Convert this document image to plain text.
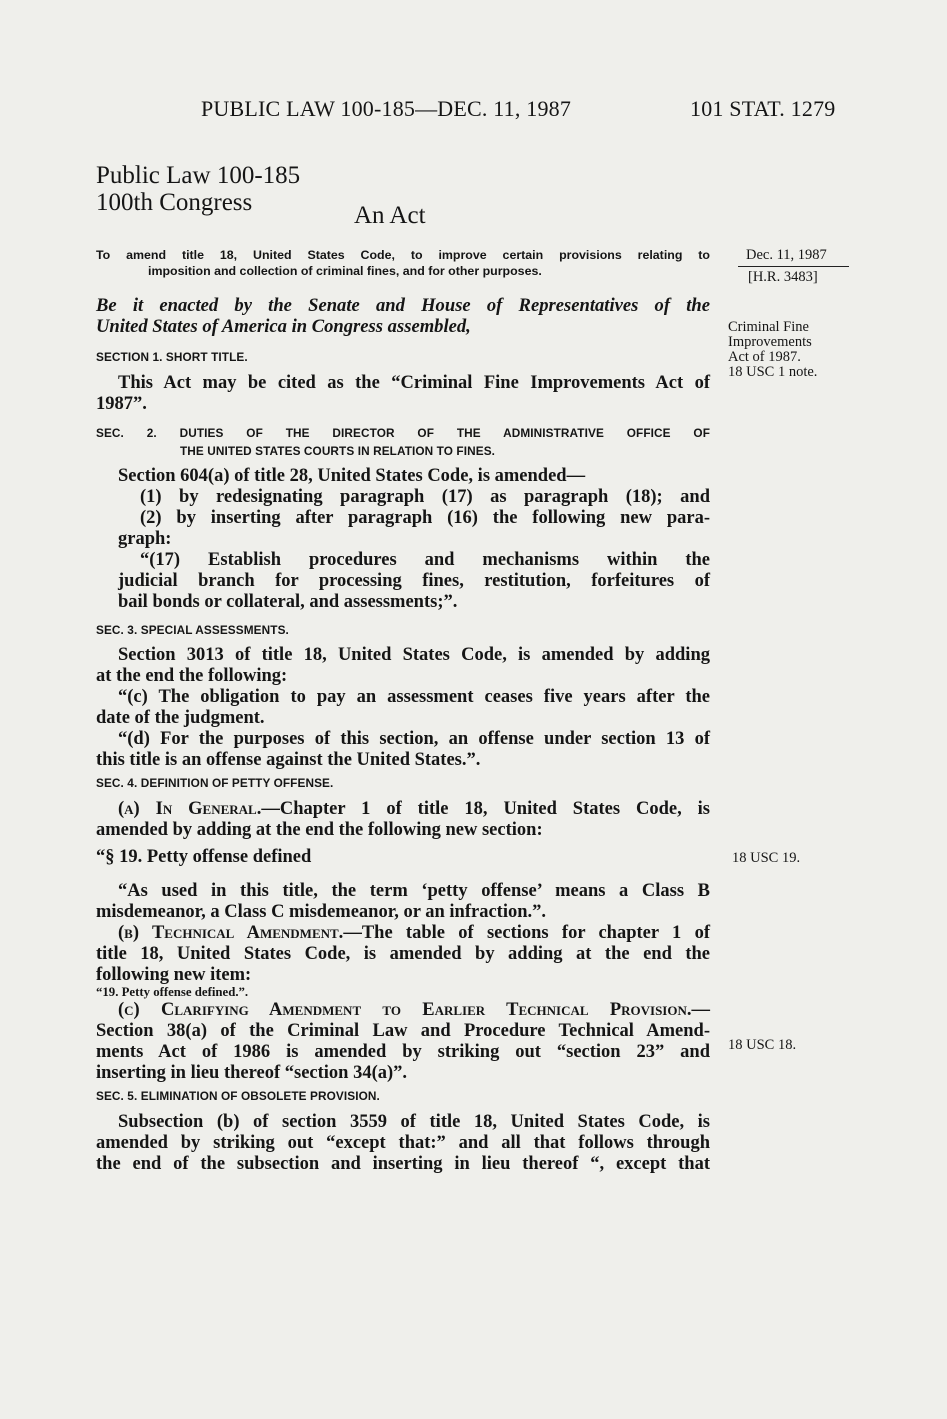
PUBLIC LAW 100-185—DEC. 11, 1987	101 STAT. 1279
Public Law 100-185
100th Congress	An Act
To amend title 18, United States Code, to improve certain provisions relating to
imposition and collection of criminal fines, and for other purposes.
Dec. 11, 1987
[H.R. 3483]
Criminal Fine
Improvements
Act of 1987.
18 USC 1 note.
18 USC 19.
18 USC 18.
Be it enacted by the Senate and House of Representatives of the
United States of America in Congress assembled,
SECTION 1. SHORT TITLE.
This Act may be cited as the “Criminal Fine Improvements Act of
1987”.
SEC. 2. DUTIES OF THE DIRECTOR OF THE ADMINISTRATIVE OFFICE OF
THE UNITED STATES COURTS IN RELATION TO FINES.
Section 604(a) of title 28, United States Code, is amended—
(1) by redesignating paragraph (17) as paragraph (18); and
(2) by inserting after paragraph (16) the following new para-
graph:
“(17) Establish procedures and mechanisms within the
judicial branch for processing fines, restitution, forfeitures of
bail bonds or collateral, and assessments;”.
SEC. 3. SPECIAL ASSESSMENTS.
Section 3013 of title 18, United States Code, is amended by adding
at the end the following:
“(c) The obligation to pay an assessment ceases five years after the
date of the judgment.
“(d) For the purposes of this section, an offense under section 13 of
this title is an offense against the United States.”.
SEC. 4. DEFINITION OF PETTY OFFENSE.
(a) In General.—Chapter 1 of title 18, United States Code, is
amended by adding at the end the following new section:
“§ 19. Petty offense defined
“As used in this title, the term ‘petty offense’ means a Class B
misdemeanor, a Class C misdemeanor, or an infraction.”.
(b) Technical Amendment.—The table of sections for chapter 1 of
title 18, United States Code, is amended by adding at the end the
following new item:
“19. Petty offense defined.”.
(c) Clarifying Amendment to Earlier Technical Provision.—
Section 38(a) of the Criminal Law and Procedure Technical Amend-
ments Act of 1986 is amended by striking out “section 23” and
inserting in lieu thereof “section 34(a)”.
SEC. 5. ELIMINATION OF OBSOLETE PROVISION.
Subsection (b) of section 3559 of title 18, United States Code, is
amended by striking out “except that:” and all that follows through
the end of the subsection and inserting in lieu thereof “, except that
